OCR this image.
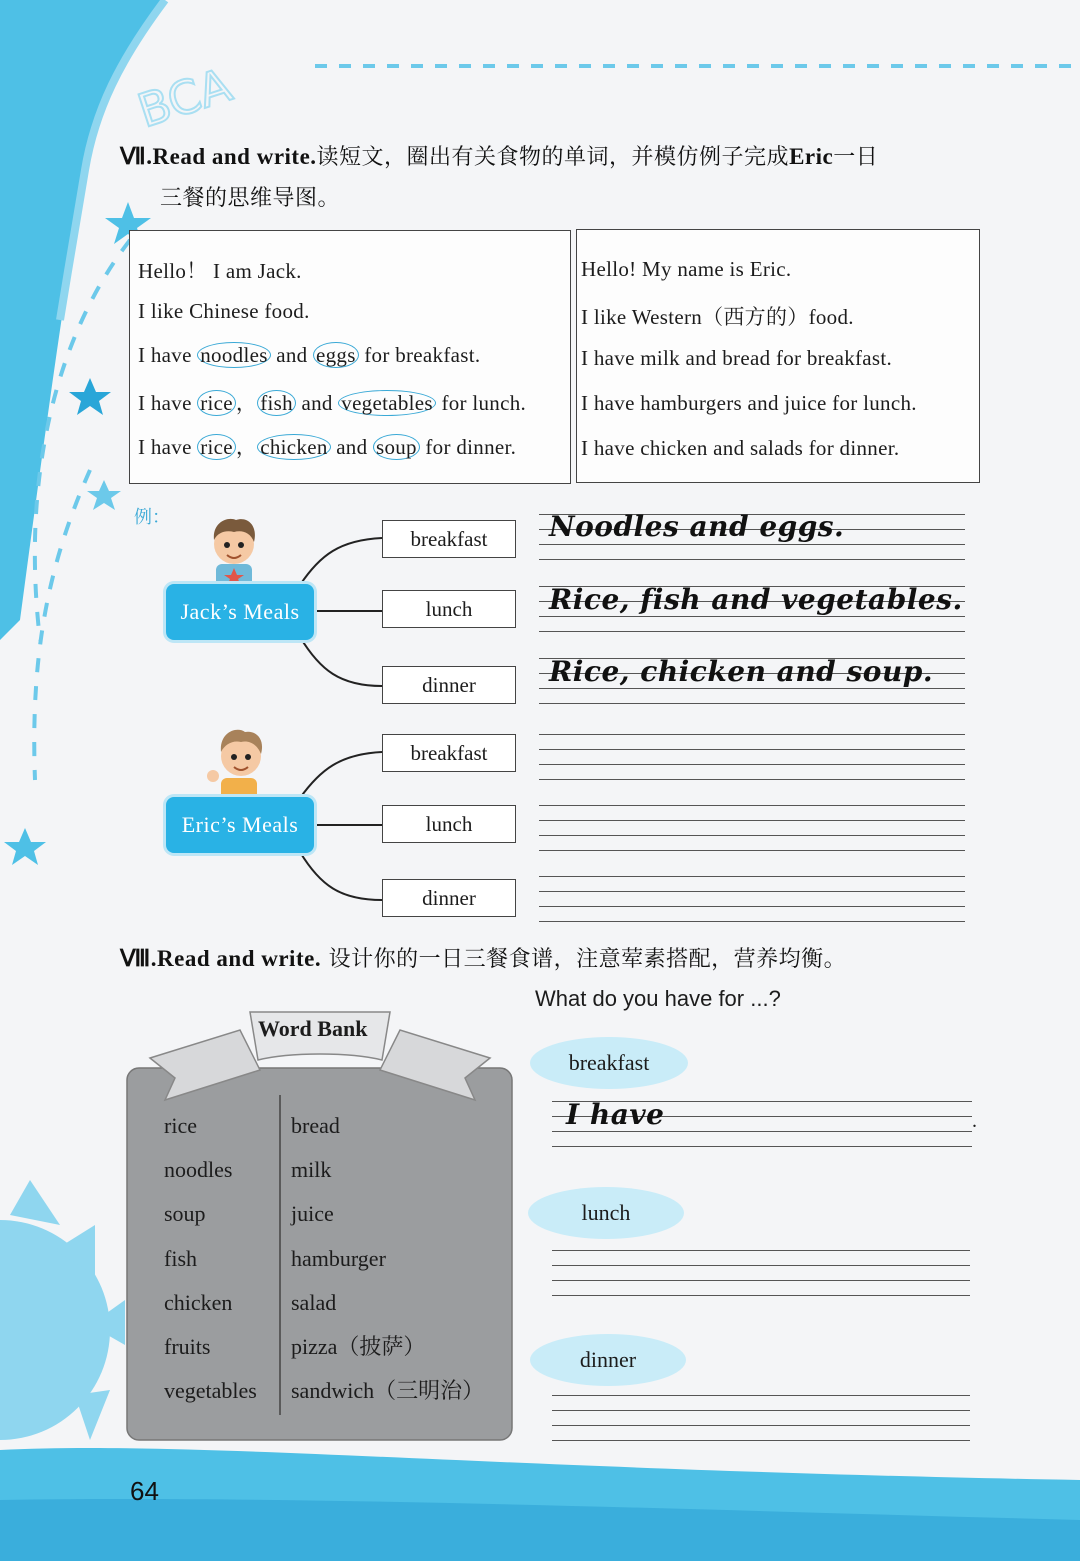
BCA
Ⅶ.Read and write.读短文，圈出有关食物的单词，并模仿例子完成Eric一日
三餐的思维导图。
Hello！ I am Jack.
I like Chinese food.
I have noodles and eggs for breakfast.
I have rice ， fish and vegetables for lunch.
I have rice ， chicken and soup for dinner.
Hello! My name is Eric.
I like Western（西方的）food.
I have milk and bread for breakfast.
I have hamburgers and juice for lunch.
I have chicken and salads for dinner.
例：
Jack’s Meals
breakfast
lunch
dinner
Noodles and eggs.
Rice, fish and vegetables.
Rice, chicken and soup.
Eric’s Meals
breakfast
lunch
dinner
Ⅷ.Read and write. 设计你的一日三餐食谱，注意荤素搭配，营养均衡。
What do you have for ...?
Word Bank
rice
noodles
soup
fish
chicken
fruits
vegetables
bread
milk
juice
hamburger
salad
pizza（披萨）
sandwich（三明治）
breakfast
I have	.
lunch
dinner
64
